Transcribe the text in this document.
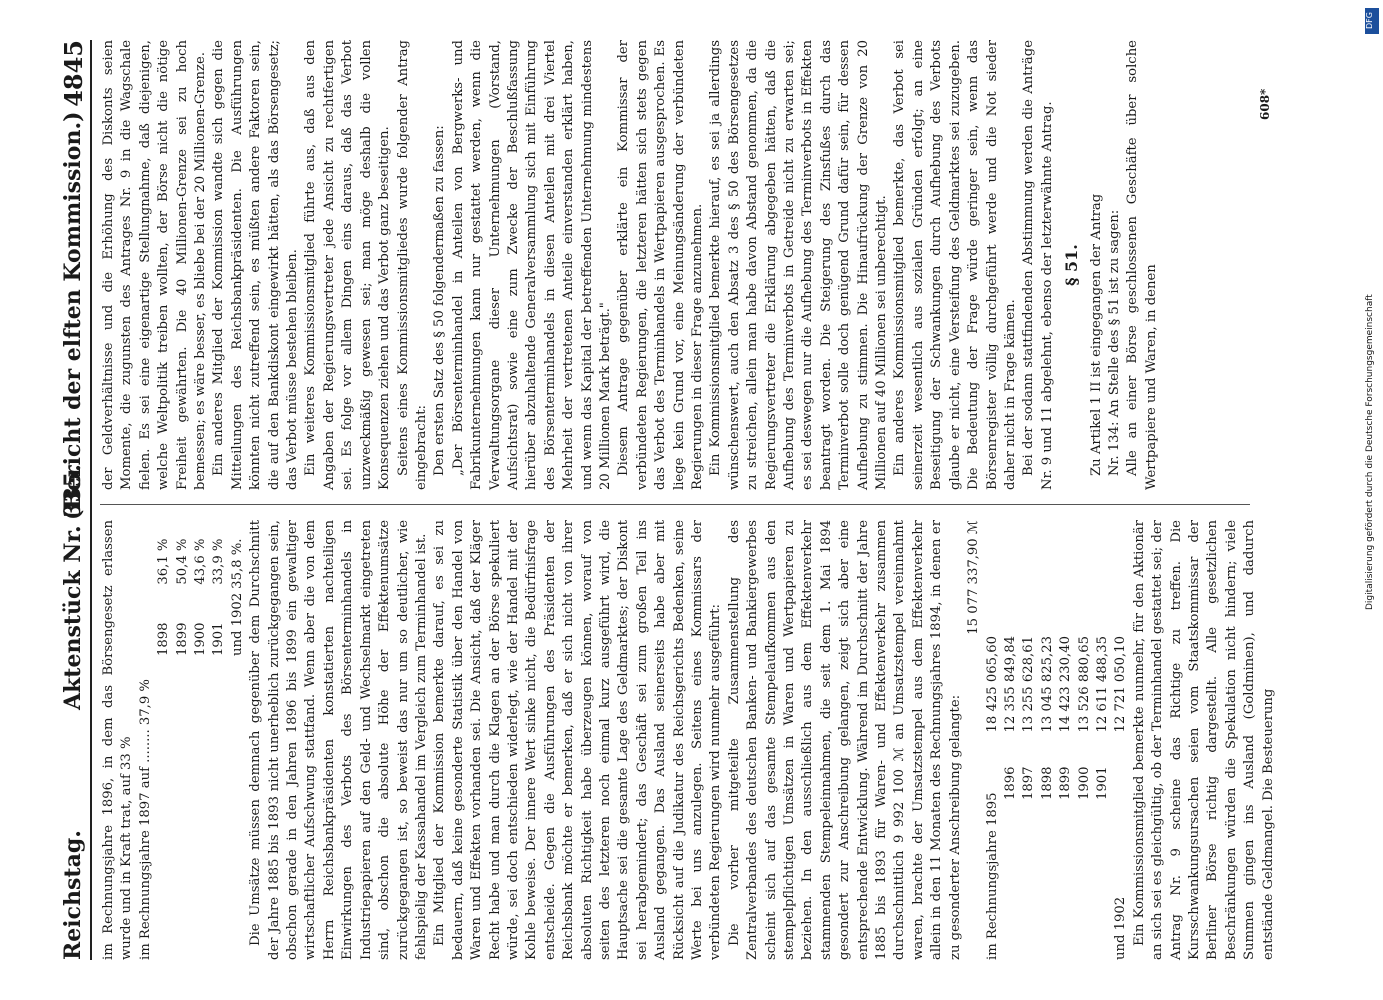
Reichstag.
Aktenstück Nr. 335.
(Bericht der elften Kommission.)
4845

im Rechnungsjahre 1896, in dem das Börsengesetz erlassen wurde und in Kraft trat, auf 33 % im Rechnungsjahre 1897 auf ........ 37,9 %

	1898	36,1 %
	1899	50,4 %
	1900	43,6 %
	1901	33,9 %
	und 1902	35,8 %. Die Umsätze müssen demnach gegenüber dem Durchschnitt der Jahre 1885 bis 1893 nicht unerheblich zurückgegangen sein, obschon gerade in den Jahren 1896 bis 1899 ein gewaltiger wirtschaftlicher Aufschwung stattfand. Wenn aber die von dem Herrn Reichsbankpräsidenten konstatierten nachteiligen Einwirkungen des Verbots des Börsenterminhandels in Industriepapieren auf den Geld- und Wechselmarkt eingetreten sind, obschon die absolute Höhe der Effektenumsätze zurückgegangen ist, so beweist das nur um so deutlicher, wie fehlspielig der Kassahandel im Vergleich zum Terminhandel ist. Ein Mitglied der Kommission bemerkte darauf, es sei zu bedauern, daß keine gesonderte Statistik über den Handel von Waren und Effekten vorhanden sei. Die Ansicht, daß der Kläger Recht habe und man durch die Klagen an der Börse spekuliert würde, sei doch entschieden widerlegt, wie der Handel mit der Kohle beweise. Der innere Wert sinke nicht, die Bedürfnisfrage entscheide. Gegen die Ausführungen des Präsidenten der Reichsbank möchte er bemerken, daß er sich nicht von ihrer absoluten Richtigkeit habe überzeugen können, worauf von seiten des letzteren noch einmal kurz ausgeführt wird, die Hauptsache sei die gesamte Lage des Geldmarktes; der Diskont sei herabgemindert; das Geschäft sei zum großen Teil ins Ausland gegangen. Das Ausland seinerseits habe aber mit Rücksicht auf die Judikatur des Reichsgerichts Bedenken, seine Werte bei uns anzulegen. Seitens eines Kommissars der verbündeten Regierungen wird nunmehr ausgeführt: Die vorher mitgeteilte Zusammenstellung des Zentralverbandes des deutschen Banken- und Bankiergewerbes scheint sich auf das gesamte Stempelaufkommen aus den stempelpflichtigen Umsätzen in Waren und Wertpapieren zu beziehen. In den ausschließlich aus dem Effektenverkehr stammenden Stempeleinnahmen, die seit dem 1. Mai 1894 gesondert zur Anschreibung gelangen, zeigt sich aber eine entsprechende Entwicklung. Während im Durchschnitt der Jahre 1885 bis 1893 für Waren- und Effektenverkehr zusammen durchschnittlich 9 992 100 ℳ an Umsatzstempel vereinnahmt waren, brachte der Umsatzstempel aus dem Effektenverkehr allein in den 11 Monaten des Rechnungsjahres 1894, in denen er zu gesonderter Anschreibung gelangte:

15 077 337,90 ℳ

im Rechnungsjahre 1895	18 425 065,60
1896	12 355 849,84
1897	13 255 628,61
1898	13 045 825,23
1899	14 423 230,40
1900	13 526 880,65
1901	12 611 488,35
und 1902	12 721 050,10 Ein Kommissionsmitglied bemerkte nunmehr, für den Aktionär an sich sei es gleichgültig, ob der Terminhandel gestattet sei; der Antrag Nr. 9 scheine das Richtige zu treffen. Die Kursschwankungsursachen seien vom Staatskommissar der Berliner Börse richtig dargestellt. Alle gesetzlichen Beschränkungen würden die Spekulation nicht hindern; viele Summen gingen ins Ausland (Goldminen), und dadurch entstände Geldmangel. Die Besteuerung

der Geldverhältnisse und die Erhöhung des Diskonts seien Momente, die zugunsten des Antrages Nr. 9 in die Wagschale fielen. Es sei eine eigenartige Stellungnahme, daß diejenigen, welche Weltpolitik treiben wollten, der Börse nicht die nötige Freiheit gewährten. Die 40 Millionen-Grenze sei zu hoch bemessen; es wäre besser, es bliebe bei der 20 Millionen-Grenze. Ein anderes Mitglied der Kommission wandte sich gegen die Mitteilungen des Reichsbankpräsidenten. Die Ausführungen könnten nicht zutreffend sein, es müßten andere Faktoren sein, die auf den Bankdiskont eingewirkt hätten, als das Börsengesetz; das Verbot müsse bestehen bleiben. Ein weiteres Kommissionsmitglied führte aus, daß aus den Angaben der Regierungsvertreter jede Ansicht zu rechtfertigen sei. Es folge vor allem Dingen eins daraus, daß das Verbot unzweckmäßig gewesen sei; man möge deshalb die vollen Konsequenzen ziehen und das Verbot ganz beseitigen. Seitens eines Kommissionsmitgliedes wurde folgender Antrag eingebracht: Den ersten Satz des § 50 folgendermaßen zu fassen: „Der Börsenterminhandel in Anteilen von Bergwerks- und Fabrikunternehmungen kann nur gestattet werden, wenn die Verwaltungsorgane dieser Unternehmungen (Vorstand, Aufsichtsrat) sowie eine zum Zwecke der Beschlußfassung hierüber abzuhaltende Generalversammlung sich mit Einführung des Börsenterminhandels in diesen Anteilen mit drei Viertel Mehrheit der vertretenen Anteile einverstanden erklärt haben, und wenn das Kapital der betreffenden Unternehmung mindestens 20 Millionen Mark beträgt." Diesem Antrage gegenüber erklärte ein Kommissar der verbündeten Regierungen, die letzteren hätten sich stets gegen das Verbot des Terminhandels in Wertpapieren ausgesprochen. Es liege kein Grund vor, eine Meinungsänderung der verbündeten Regierungen in dieser Frage anzunehmen. Ein Kommissionsmitglied bemerkte hierauf, es sei ja allerdings wünschenswert, auch den Absatz 3 des § 50 des Börsengesetzes zu streichen, allein man habe davon Abstand genommen, da die Regierungsvertreter die Erklärung abgegeben hätten, daß die Aufhebung des Terminverbots in Getreide nicht zu erwarten sei; es sei deswegen nur die Aufhebung des Terminverbots in Effekten beantragt worden. Die Steigerung des Zinsfußes durch das Terminverbot solle doch genügend Grund dafür sein, für dessen Aufhebung zu stimmen. Die Hinaufrückung der Grenze von 20 Millionen auf 40 Millionen sei unberechtigt. Ein anderes Kommissionsmitglied bemerkte, das Verbot sei seinerzeit wesentlich aus sozialen Gründen erfolgt; an eine Beseitigung der Schwankungen durch Aufhebung des Verbots glaube er nicht, eine Versteifung des Geldmarktes sei zuzugeben. Die Bedeutung der Frage würde geringer sein, wenn das Börsenregister völlig durchgeführt werde und die Not sieder daher nicht in Frage kämen. Bei der sodann stattfindenden Abstimmung werden die Anträge Nr. 9 und 11 abgelehnt, ebenso der letzterwähnte Antrag. § 51. Zu Artikel 1 II ist eingegangen der Antrag Nr. 134: An Stelle des § 51 ist zu sagen: Alle an einer Börse geschlossenen Geschäfte über solche Wertpapiere und Waren, in denen

608*
Digitalisierung gefördert durch die Deutsche Forschungsgemeinschaft
DFG
